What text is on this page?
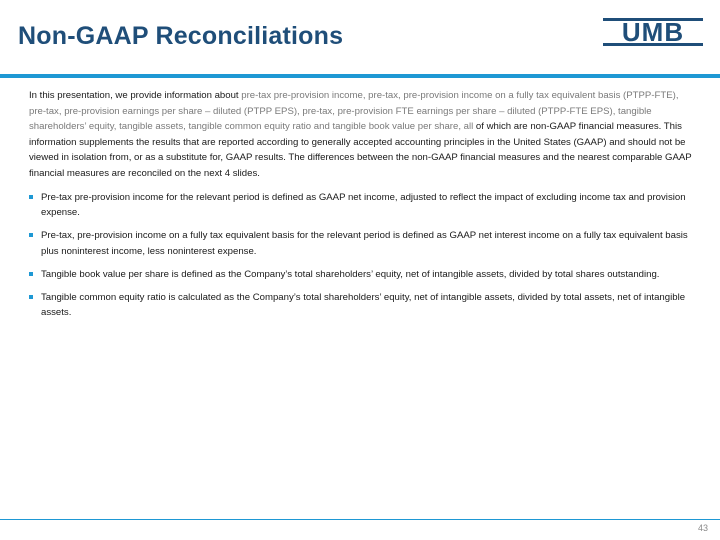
Non-GAAP Reconciliations	UMB

In this presentation, we provide information about pre-tax pre-provision income, pre-tax, pre-provision income on a fully tax equivalent basis (PTPP-FTE), pre-tax, pre-provision earnings per share – diluted (PTPP EPS), pre-tax, pre-provision FTE earnings per share – diluted (PTPP-FTE EPS), tangible shareholders’ equity, tangible assets, tangible common equity ratio and tangible book value per share, all of which are non-GAAP financial measures. This information supplements the results that are reported according to generally accepted accounting principles in the United States (GAAP) and should not be viewed in isolation from, or as a substitute for, GAAP results. The differences between the non-GAAP financial measures and the nearest comparable GAAP financial measures are reconciled on the next 4 slides.

Pre-tax pre-provision income for the relevant period is defined as GAAP net income, adjusted to reflect the impact of excluding income tax and provision expense.
Pre-tax, pre-provision income on a fully tax equivalent basis for the relevant period is defined as GAAP net interest income on a fully tax equivalent basis plus noninterest income, less noninterest expense.
Tangible book value per share is defined as the Company’s total shareholders’ equity, net of intangible assets, divided by total shares outstanding.
Tangible common equity ratio is calculated as the Company’s total shareholders’ equity, net of intangible assets, divided by total assets, net of intangible assets.
43
